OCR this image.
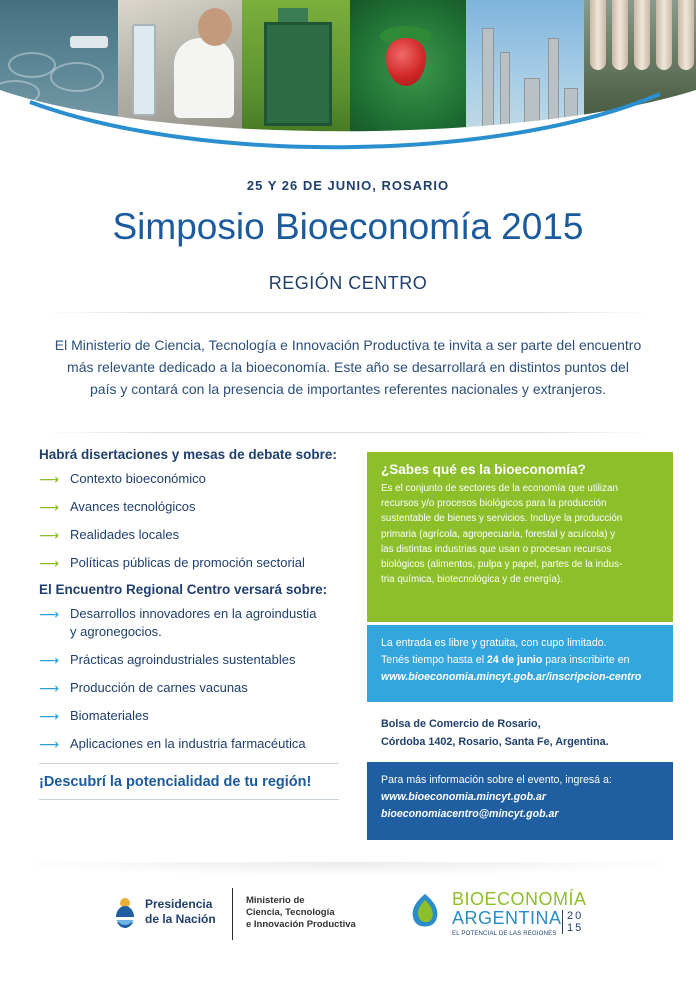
25 Y 26 DE JUNIO, ROSARIO
Simposio Bioeconomía 2015
REGIÓN CENTRO
El Ministerio de Ciencia, Tecnología e Innovación Productiva te invita a ser parte del encuentro
más relevante dedicado a la bioeconomía. Este año se desarrollará en distintos puntos del
país y contará con la presencia de importantes referentes nacionales y extranjeros.

Habrá disertaciones y mesas de debate sobre:

⟶ Contexto bioeconómico
⟶ Avances tecnológicos
⟶ Realidades locales
⟶ Políticas públicas de promoción sectorial

El Encuentro Regional Centro versará sobre:

⟶ Desarrollos innovadores en la agroindustia
y agronegocios.
⟶ Prácticas agroindustriales sustentables
⟶ Producción de carnes vacunas
⟶ Biomateriales
⟶ Aplicaciones en la industria farmacéutica

¡Descubrí la potencialidad de tu región!

¿Sabes qué es la bioeconomía?

Es el conjunto de sectores de la economía que utilizan
recursos y/o procesos biológicos para la producción
sustentable de bienes y servicios. Incluye la producción
primaria (agrícola, agropecuaria, forestal y acuícola) y
las distintas industrias que usan o procesan recursos
biológicos (alimentos, pulpa y papel, partes de la indus-
tria química, biotecnológica y de energía).

La entrada es libre y gratuita, con cupo limitado.

Tenés tiempo hasta el 24 de junio para inscribirte en

www.bioeconomia.mincyt.gob.ar/inscripcion-centro

Bolsa de Comercio de Rosario,

Córdoba 1402, Rosario, Santa Fe, Argentina.

Para más información sobre el evento, ingresá a:

www.bioeconomia.mincyt.gob.ar

bioeconomiacentro@mincyt.gob.ar

Presidencia

de la Nación

Ministerio de

Ciencia, Tecnología

e Innovación Productiva

BIOECONOMÍA
ARGENTINA 20
15
EL POTENCIAL DE LAS REGIONES
